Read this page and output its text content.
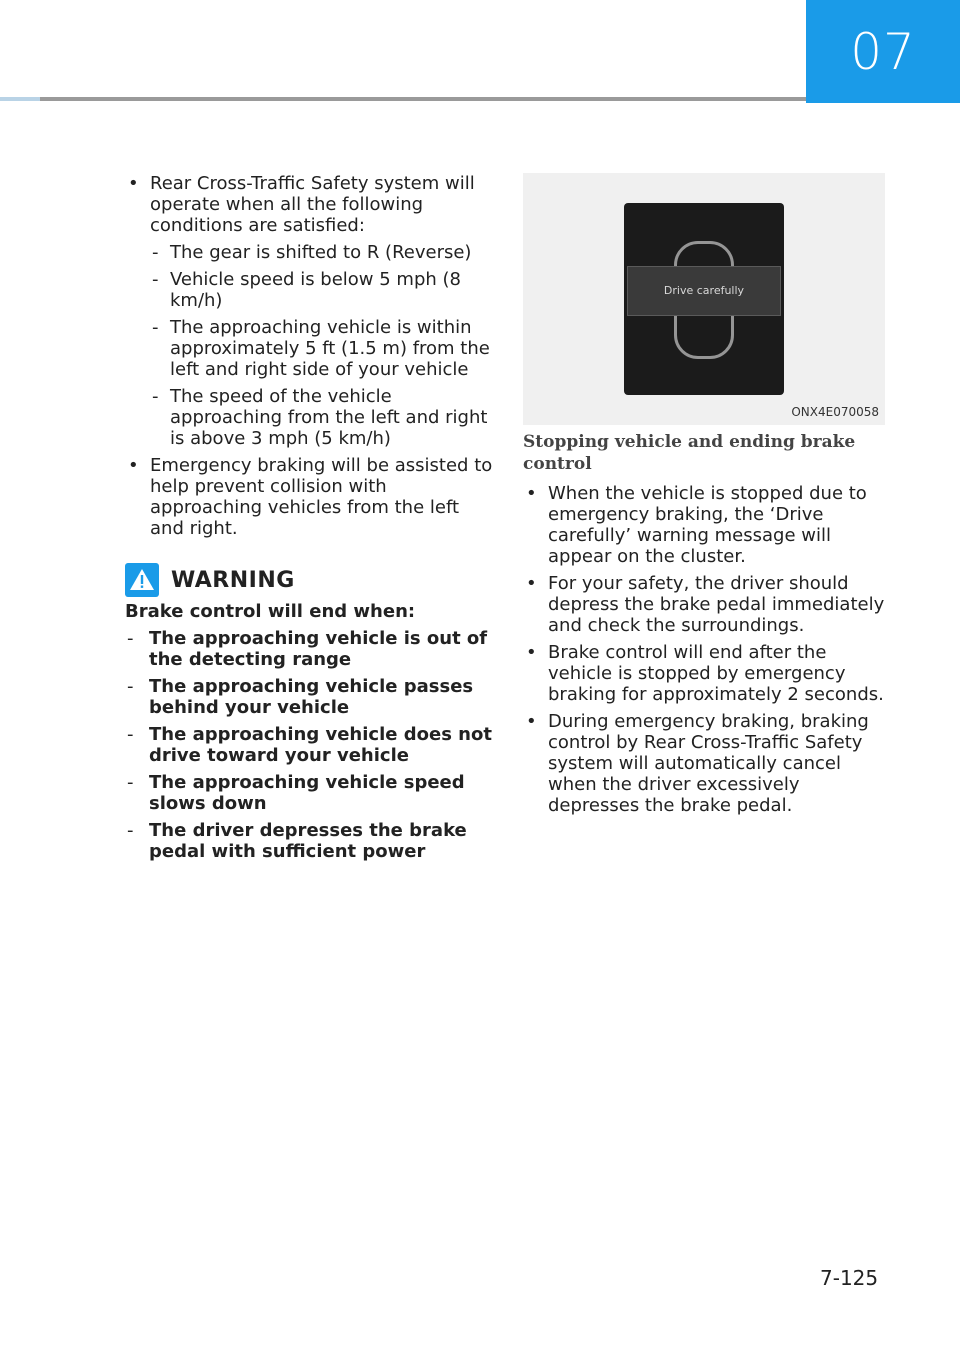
07
• Rear Cross-Traffic Safety system will operate when all the following conditions are satisfied:
- The gear is shifted to R (Reverse)
- Vehicle speed is below 5 mph (8 km/h)
- The approaching vehicle is within approximately 5 ft (1.5 m) from the left and right side of your vehicle
- The speed of the vehicle approaching from the left and right is above 3 mph (5 km/h)
• Emergency braking will be assisted to help prevent collision with approaching vehicles from the left and right.
WARNING
Brake control will end when:
- The approaching vehicle is out of the detecting range
- The approaching vehicle passes behind your vehicle
- The approaching vehicle does not drive toward your vehicle
- The approaching vehicle speed slows down
- The driver depresses the brake pedal with sufficient power
Drive carefully
ONX4E070058
Stopping vehicle and ending brake control
• When the vehicle is stopped due to emergency braking, the ‘Drive carefully’ warning message will appear on the cluster.
• For your safety, the driver should depress the brake pedal immediately and check the surroundings.
• Brake control will end after the vehicle is stopped by emergency braking for approximately 2 seconds.
• During emergency braking, braking control by Rear Cross-Traffic Safety system will automatically cancel when the driver excessively depresses the brake pedal.
7-125
